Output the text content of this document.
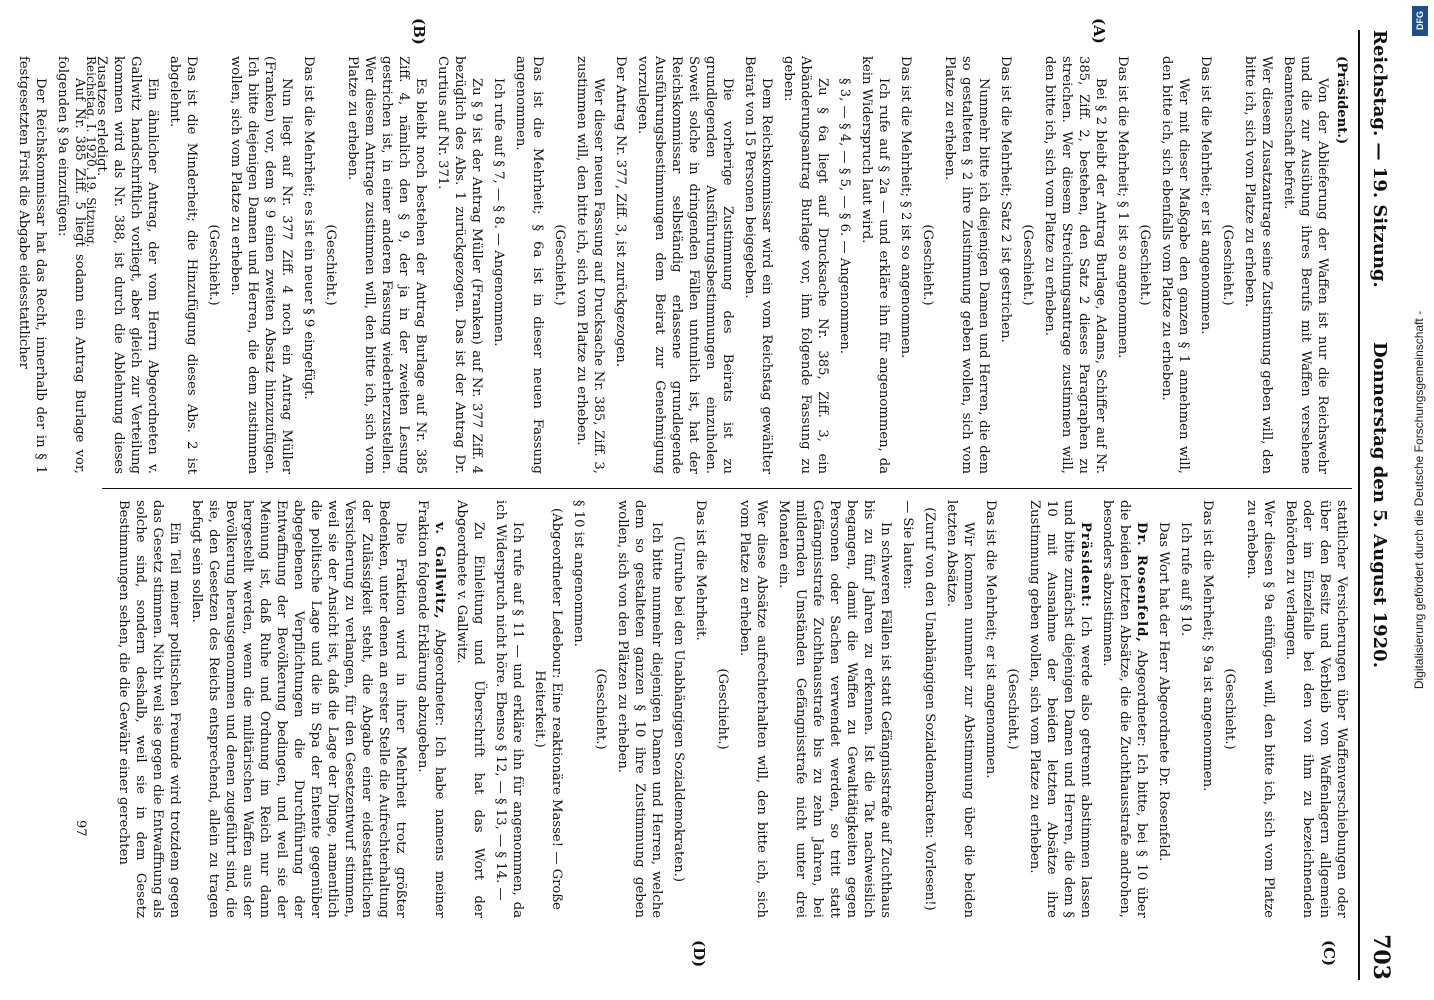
Reichstag. — 19. Sitzung.
Donnerstag den 5. August 1920.
703
(A)
(B)
(C)
(D)

(Präsident.)

Von der Ablieferung der Waffen ist nur die Reichswehr und die zur Ausübung ihres Berufs mit Waffen versehene Beamtenschaft befreit.

Wer diesem Zusatzantrage seine Zustimmung geben will, den bitte ich, sich vom Platze zu erheben.

(Geschieht.)

Das ist die Mehrheit; er ist angenommen.

Wer mit dieser Maßgabe den ganzen § 1 annehmen will, den bitte ich, sich ebenfalls vom Platze zu erheben.

(Geschieht.)

Das ist die Mehrheit; § 1 ist so angenommen.

Bei § 2 bleibt der Antrag Burlage, Adams, Schiffer auf Nr. 385, Ziff. 2, bestehen, den Satz 2 dieses Paragraphen zu streichen. Wer diesem Streichungsantrage zustimmen will, den bitte ich, sich vom Platze zu erheben.

(Geschieht.)

Das ist die Mehrheit; Satz 2 ist gestrichen.

Nunmehr bitte ich diejenigen Damen und Herren, die dem so gestalteten § 2 ihre Zustimmung geben wollen, sich vom Platze zu erheben.

(Geschieht.)

Das ist die Mehrheit; § 2 ist so angenommen.

Ich rufe auf § 2a — und erkläre ihn für angenommen, da kein Widerspruch laut wird.

§ 3, — § 4, — § 5, — § 6. — Angenommen.

Zu § 6a liegt auf Drucksache Nr. 385, Ziff. 3, ein Abänderungsantrag Burlage vor, ihm folgende Fassung zu geben:

Dem Reichskommissar wird ein vom Reichstag gewählter Beirat von 15 Personen beigegeben.

Die vorherige Zustimmung des Beirats ist zu grundlegenden Ausführungsbestimmungen einzuholen. Soweit solche in dringenden Fällen untunlich ist, hat der Reichskommissar selbständig erlassene grundlegende Ausführungsbestimmungen dem Beirat zur Genehmigung vorzulegen.

Der Antrag Nr. 377, Ziff. 3, ist zurückgezogen.

Wer dieser neuen Fassung auf Drucksache Nr. 385, Ziff. 3, zustimmen will, den bitte ich, sich vom Platze zu erheben.

(Geschieht.)

Das ist die Mehrheit; § 6a ist in dieser neuen Fassung angenommen.

Ich rufe auf § 7, — § 8. — Angenommen.

Zu § 9 ist der Antrag Müller (Franken) auf Nr. 377 Ziff. 4 bezüglich des Abs. 1 zurückgezogen. Das ist der Antrag Dr. Curtius auf Nr. 371.

Es bleibt noch bestehen der Antrag Burlage auf Nr. 385 Ziff. 4, nämlich den § 9, der ja in der zweiten Lesung gestrichen ist, in einer anderen Fassung wiederherzustellen. Wer diesem Antrage zustimmen will, den bitte ich, sich vom Platze zu erheben.

(Geschieht.)

Das ist die Mehrheit; es ist ein neuer § 9 eingefügt.

Nun liegt auf Nr. 377 Ziff. 4 noch ein Antrag Müller (Franken) vor, dem § 9 einen zweiten Absatz hinzuzufügen. Ich bitte diejenigen Damen und Herren, die dem zustimmen wollen, sich vom Platze zu erheben.

(Geschieht.)

Das ist die Minderheit; die Hinzufügung dieses Abs. 2 ist abgelehnt.

Ein ähnlicher Antrag, der vom Herrn Abgeordneten v. Gallwitz handschriftlich vorliegt, aber gleich zur Verteilung kommen wird als Nr. 388, ist durch die Ablehnung dieses Zusatzes erledigt.

Auf Nr. 385 Ziff. 5 liegt sodann ein Antrag Burlage vor, folgenden § 9a einzufügen:

Der Reichskommissar hat das Recht, innerhalb der in § 1 festgesetzten Frist die Abgabe eidesstattlicher

stattlicher Versicherungen über Waffenverschiebungen oder über den Besitz und Verbleib von Waffenlagern allgemein oder im Einzelfalle bei den von ihm zu bezeichnenden Behörden zu verlangen.

Wer diesen § 9a einfügen will, den bitte ich, sich vom Platze zu erheben.

(Geschieht.)

Das ist die Mehrheit; § 9a ist angenommen.

Ich rufe auf § 10.

Das Wort hat der Herr Abgeordnete Dr. Rosenfeld.

Dr. Rosenfeld, Abgeordneter: Ich bitte, bei § 10 über die beiden letzten Absätze, die die Zuchthausstrafe androhen, besonders abzustimmen.

Präsident: Ich werde also getrennt abstimmen lassen und bitte zunächst diejenigen Damen und Herren, die dem § 10 mit Ausnahme der beiden letzten Absätze ihre Zustimmung geben wollen, sich vom Platze zu erheben.

(Geschieht.)

Das ist die Mehrheit; er ist angenommen.

Wir kommen nunmehr zur Abstimmung über die beiden letzten Absätze.

(Zuruf von den Unabhängigen Sozialdemokraten: Vorlesen!)

— Sie lauten:

In schweren Fällen ist statt Gefängnisstrafe auf Zuchthaus bis zu fünf Jahren zu erkennen. Ist die Tat nachweislich begangen, damit die Waffen zu Gewalttätigkeiten gegen Personen oder Sachen verwendet werden, so tritt statt Gefängnisstrafe Zuchthausstrafe bis zu zehn Jahren, bei mildernden Umständen Gefängnisstrafe nicht unter drei Monaten ein.

Wer diese Absätze aufrechterhalten will, den bitte ich, sich vom Platze zu erheben.

(Geschieht.)

Das ist die Mehrheit.

(Unruhe bei den Unabhängigen Sozialdemokraten.)

Ich bitte nunmehr diejenigen Damen und Herren, welche dem so gestalteten ganzen § 10 ihre Zustimmung geben wollen, sich von den Plätzen zu erheben.

(Geschieht.)

§ 10 ist angenommen.

(Abgeordneter Ledebour: Eine reaktionäre Masse! — Große Heiterkeit.)

Ich rufe auf § 11 — und erkläre ihn für angenommen, da ich Widerspruch nicht höre. Ebenso § 12, — § 13, — § 14. —

Zu Einleitung und Überschrift hat das Wort der Abgeordnete v. Gallwitz.

v. Gallwitz, Abgeordneter: Ich habe namens meiner Fraktion folgende Erklärung abzugeben.

Die Fraktion wird in ihrer Mehrheit trotz größter Bedenken, unter denen an erster Stelle die Aufrechterhaltung der Zulässigkeit steht, die Abgabe einer eidesstattlichen Versicherung zu verlangen, für den Gesetzentwurf stimmen, weil sie der Ansicht ist, daß die Lage der Dinge, namentlich die politische Lage und die in Spa der Entente gegenüber abgegebenen Verpflichtungen die Durchführung der Entwaffnung der Bevölkerung bedingen, und weil sie der Meinung ist, daß Ruhe und Ordnung im Reich nur dann hergestellt werden, wenn die militärischen Waffen aus der Bevölkerung herausgenommen und denen zugeführt sind, die sie, den Gesetzen des Reichs entsprechend, allein zu tragen befugt sein sollen.

Ein Teil meiner politischen Freunde wird trotzdem gegen das Gesetz stimmen. Nicht weil sie gegen die Entwaffnung als solche sind, sondern deshalb, weil sie in dem Gesetz Bestimmungen sehen, die die Gewähr einer gerechten

Reichstag. I. 1920. 19. Sitzung.
97
Digitalisierung gefördert durch die Deutsche Forschungsgemeinschaft -
DFG
